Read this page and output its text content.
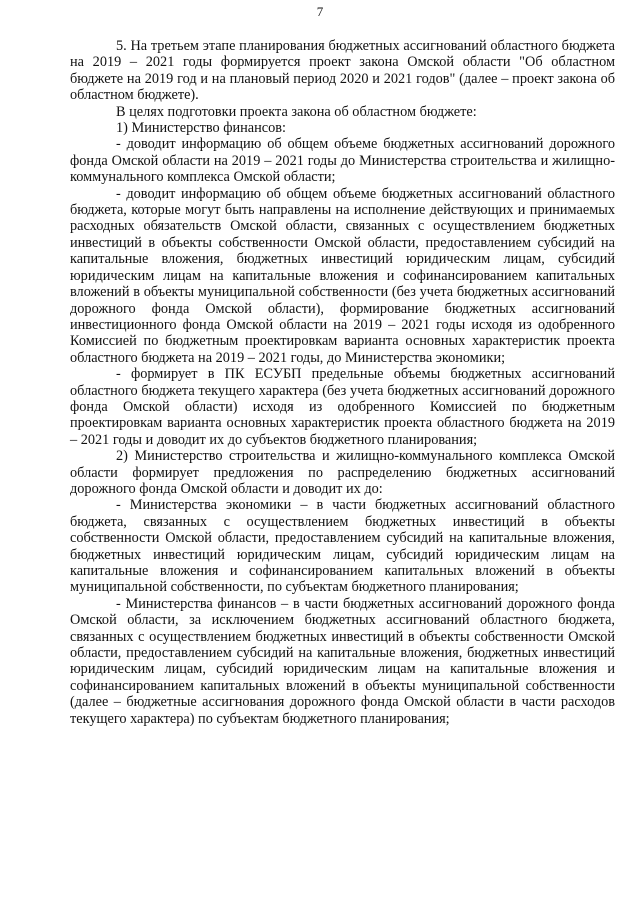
7

5. На третьем этапе планирования бюджетных ассигнований областного бюджета на 2019 – 2021 годы формируется проект закона Омской области "Об областном бюджете на 2019 год и на плановый период 2020 и 2021 годов" (далее – проект закона об областном бюджете).

В целях подготовки проекта закона об областном бюджете:

1) Министерство финансов:

- доводит информацию об общем объеме бюджетных ассигнований дорожного фонда Омской области на 2019 – 2021 годы до Министерства строительства и жилищно-коммунального комплекса Омской области;

- доводит информацию об общем объеме бюджетных ассигнований областного бюджета, которые могут быть направлены на исполнение действующих и принимаемых расходных обязательств Омской области, связанных с осуществлением бюджетных инвестиций в объекты собственности Омской области, предоставлением субсидий на капитальные вложения, бюджетных инвестиций юридическим лицам, субсидий юридическим лицам на капитальные вложения и софинансированием капитальных вложений в объекты муниципальной собственности (без учета бюджетных ассигнований дорожного фонда Омской области), формирование бюджетных ассигнований инвестиционного фонда Омской области на 2019 – 2021 годы исходя из одобренного Комиссией по бюджетным проектировкам варианта основных характеристик проекта областного бюджета на 2019 – 2021 годы, до Министерства экономики;

- формирует в ПК ЕСУБП предельные объемы бюджетных ассигнований областного бюджета текущего характера (без учета бюджетных ассигнований дорожного фонда Омской области) исходя из одобренного Комиссией по бюджетным проектировкам варианта основных характеристик проекта областного бюджета на 2019 – 2021 годы и доводит их до субъектов бюджетного планирования;

2) Министерство строительства и жилищно-коммунального комплекса Омской области формирует предложения по распределению бюджетных ассигнований дорожного фонда Омской области и доводит их до:

- Министерства экономики – в части бюджетных ассигнований областного бюджета, связанных с осуществлением бюджетных инвестиций в объекты собственности Омской области, предоставлением субсидий на капитальные вложения, бюджетных инвестиций юридическим лицам, субсидий юридическим лицам на капитальные вложения и софинансированием капитальных вложений в объекты муниципальной собственности, по субъектам бюджетного планирования;

- Министерства финансов – в части бюджетных ассигнований дорожного фонда Омской области, за исключением бюджетных ассигнований областного бюджета, связанных с осуществлением бюджетных инвестиций в объекты собственности Омской области, предоставлением субсидий на капитальные вложения, бюджетных инвестиций юридическим лицам, субсидий юридическим лицам на капитальные вложения и софинансированием капитальных вложений в объекты муниципальной собственности (далее – бюджетные ассигнования дорожного фонда Омской области в части расходов текущего характера) по субъектам бюджетного планирования;
